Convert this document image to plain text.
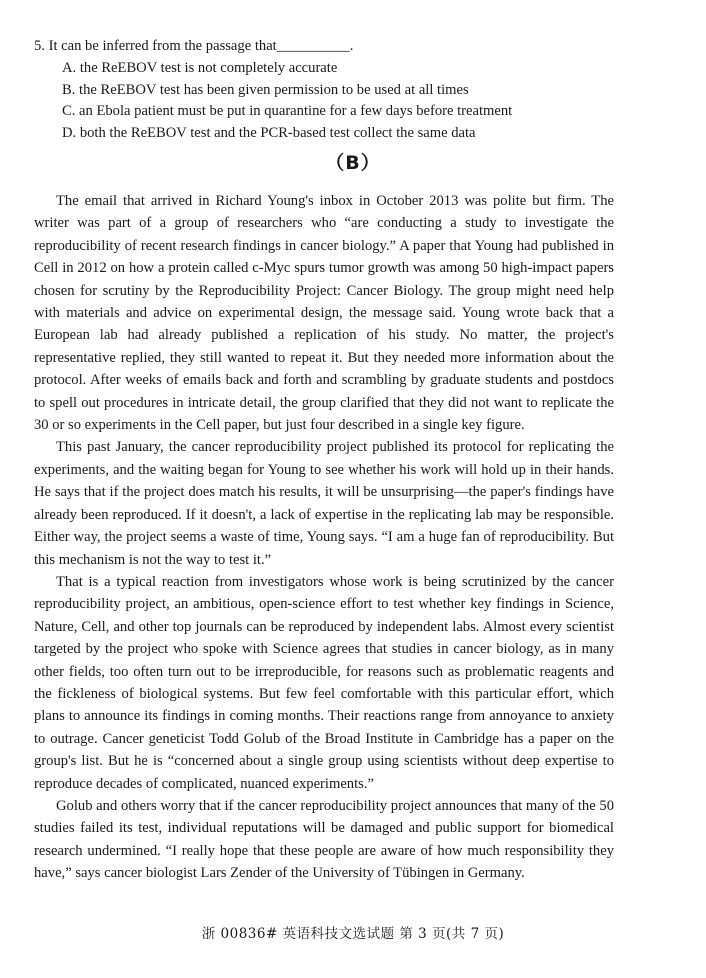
5. It can be inferred from the passage that__________.

A. the ReEBOV test is not completely accurate

B. the ReEBOV test has been given permission to be used at all times

C. an Ebola patient must be put in quarantine for a few days before treatment

D. both the ReEBOV test and the PCR-based test collect the same data

（B）

The email that arrived in Richard Young's inbox in October 2013 was polite but firm. The writer was part of a group of researchers who “are conducting a study to investigate the reproducibility of recent research findings in cancer biology.” A paper that Young had published in Cell in 2012 on how a protein called c-Myc spurs tumor growth was among 50 high-impact papers chosen for scrutiny by the Reproducibility Project: Cancer Biology. The group might need help with materials and advice on experimental design, the message said. Young wrote back that a European lab had already published a replication of his study. No matter, the project's representative replied, they still wanted to repeat it. But they needed more information about the protocol. After weeks of emails back and forth and scrambling by graduate students and postdocs to spell out procedures in intricate detail, the group clarified that they did not want to replicate the 30 or so experiments in the Cell paper, but just four described in a single key figure.

This past January, the cancer reproducibility project published its protocol for replicating the experiments, and the waiting began for Young to see whether his work will hold up in their hands. He says that if the project does match his results, it will be unsurprising—the paper's findings have already been reproduced. If it doesn't, a lack of expertise in the replicating lab may be responsible. Either way, the project seems a waste of time, Young says. “I am a huge fan of reproducibility. But this mechanism is not the way to test it.”

That is a typical reaction from investigators whose work is being scrutinized by the cancer reproducibility project, an ambitious, open-science effort to test whether key findings in Science, Nature, Cell, and other top journals can be reproduced by independent labs. Almost every scientist targeted by the project who spoke with Science agrees that studies in cancer biology, as in many other fields, too often turn out to be irreproducible, for reasons such as problematic reagents and the fickleness of biological systems. But few feel comfortable with this particular effort, which plans to announce its findings in coming months. Their reactions range from annoyance to anxiety to outrage. Cancer geneticist Todd Golub of the Broad Institute in Cambridge has a paper on the group's list. But he is “concerned about a single group using scientists without deep expertise to reproduce decades of complicated, nuanced experiments.”

Golub and others worry that if the cancer reproducibility project announces that many of the 50 studies failed its test, individual reputations will be damaged and public support for biomedical research undermined. “I really hope that these people are aware of how much responsibility they have,” says cancer biologist Lars Zender of the University of Tübingen in Germany.

浙 00836# 英语科技文选试题 第 3 页(共 7 页)
